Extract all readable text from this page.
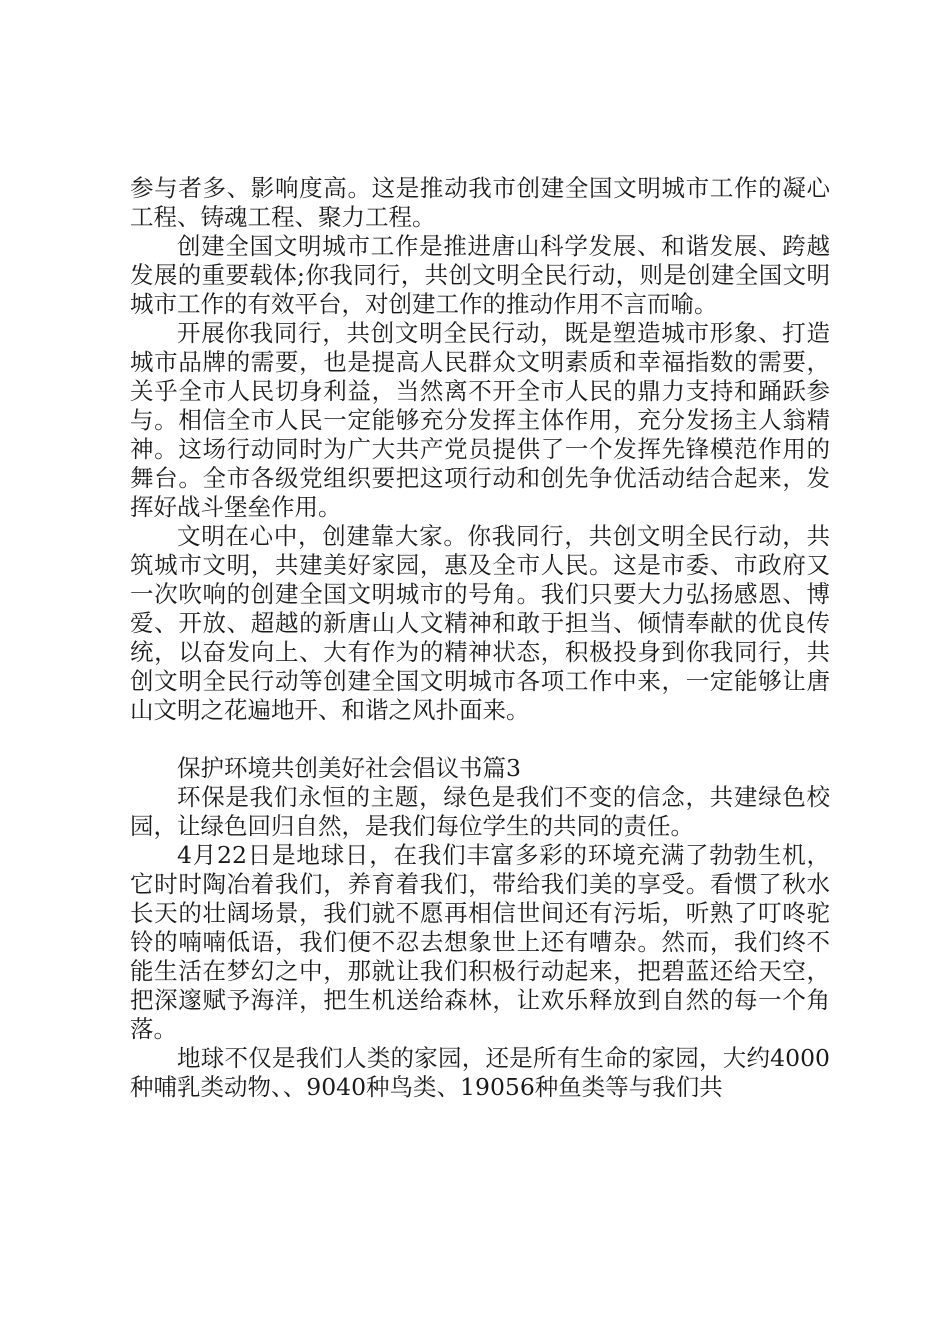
参与者多、影响度高。这是推动我市创建全国文明城市工作的凝心工程、铸魂工程、聚力工程。

创建全国文明城市工作是推进唐山科学发展、和谐发展、跨越发展的重要载体;你我同行，共创文明全民行动，则是创建全国文明城市工作的有效平台，对创建工作的推动作用不言而喻。

开展你我同行，共创文明全民行动，既是塑造城市形象、打造城市品牌的需要，也是提高人民群众文明素质和幸福指数的需要，关乎全市人民切身利益，当然离不开全市人民的鼎力支持和踊跃参与。相信全市人民一定能够充分发挥主体作用，充分发扬主人翁精神。这场行动同时为广大共产党员提供了一个发挥先锋模范作用的舞台。全市各级党组织要把这项行动和创先争优活动结合起来，发挥好战斗堡垒作用。

文明在心中，创建靠大家。你我同行，共创文明全民行动，共筑城市文明，共建美好家园，惠及全市人民。这是市委、市政府又一次吹响的创建全国文明城市的号角。我们只要大力弘扬感恩、博爱、开放、超越的新唐山人文精神和敢于担当、倾情奉献的优良传统，以奋发向上、大有作为的精神状态，积极投身到你我同行，共创文明全民行动等创建全国文明城市各项工作中来，一定能够让唐山文明之花遍地开、和谐之风扑面来。

保护环境共创美好社会倡议书篇3

环保是我们永恒的主题，绿色是我们不变的信念，共建绿色校园，让绿色回归自然，是我们每位学生的共同的责任。

4月22日是地球日，在我们丰富多彩的环境充满了勃勃生机，它时时陶冶着我们，养育着我们，带给我们美的享受。看惯了秋水长天的壮阔场景，我们就不愿再相信世间还有污垢，听熟了叮咚驼铃的喃喃低语，我们便不忍去想象世上还有嘈杂。然而，我们终不能生活在梦幻之中，那就让我们积极行动起来，把碧蓝还给天空，把深邃赋予海洋，把生机送给森林，让欢乐释放到自然的每一个角落。

地球不仅是我们人类的家园，还是所有生命的家园，大约4000种哺乳类动物、、9040种鸟类、19056种鱼类等与我们共
